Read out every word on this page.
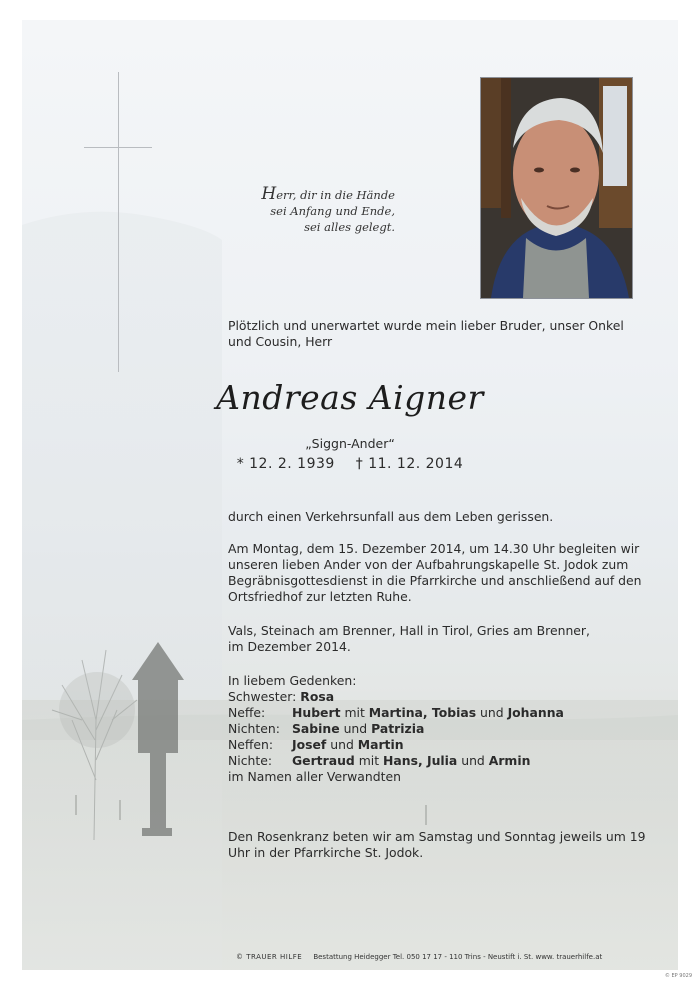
Herr, dir in die Hände
sei Anfang und Ende,
sei alles gelegt.
Plötzlich und unerwartet wurde mein lieber Bruder, unser Onkel und Cousin, Herr
Andreas Aigner
„Siggn-Ander“
* 12. 2. 1939 † 11. 12. 2014
durch einen Verkehrsunfall aus dem Leben gerissen.
Am Montag, dem 15. Dezember 2014, um 14.30 Uhr begleiten wir unseren lieben Ander von der Aufbahrungskapelle St. Jodok zum Begräbnisgottesdienst in die Pfarrkirche und anschließend auf den Ortsfriedhof zur letzten Ruhe.
Vals, Steinach am Brenner, Hall in Tirol, Gries am Brenner,
im Dezember 2014.
In liebem Gedenken:
Schwester: Rosa
Neffe:	Hubert mit Martina, Tobias und Johanna
Nichten: Sabine und Patrizia
Neffen:	Josef und Martin
Nichte:	Gertraud mit Hans, Julia und Armin
im Namen aller Verwandten
Den Rosenkranz beten wir am Samstag und Sonntag jeweils um 19 Uhr in der Pfarrkirche St. Jodok.
© TRAUER HILFE Bestattung Heidegger Tel. 050 17 17 - 110 Trins - Neustift i. St. www. trauerhilfe.at
© EP 9029
